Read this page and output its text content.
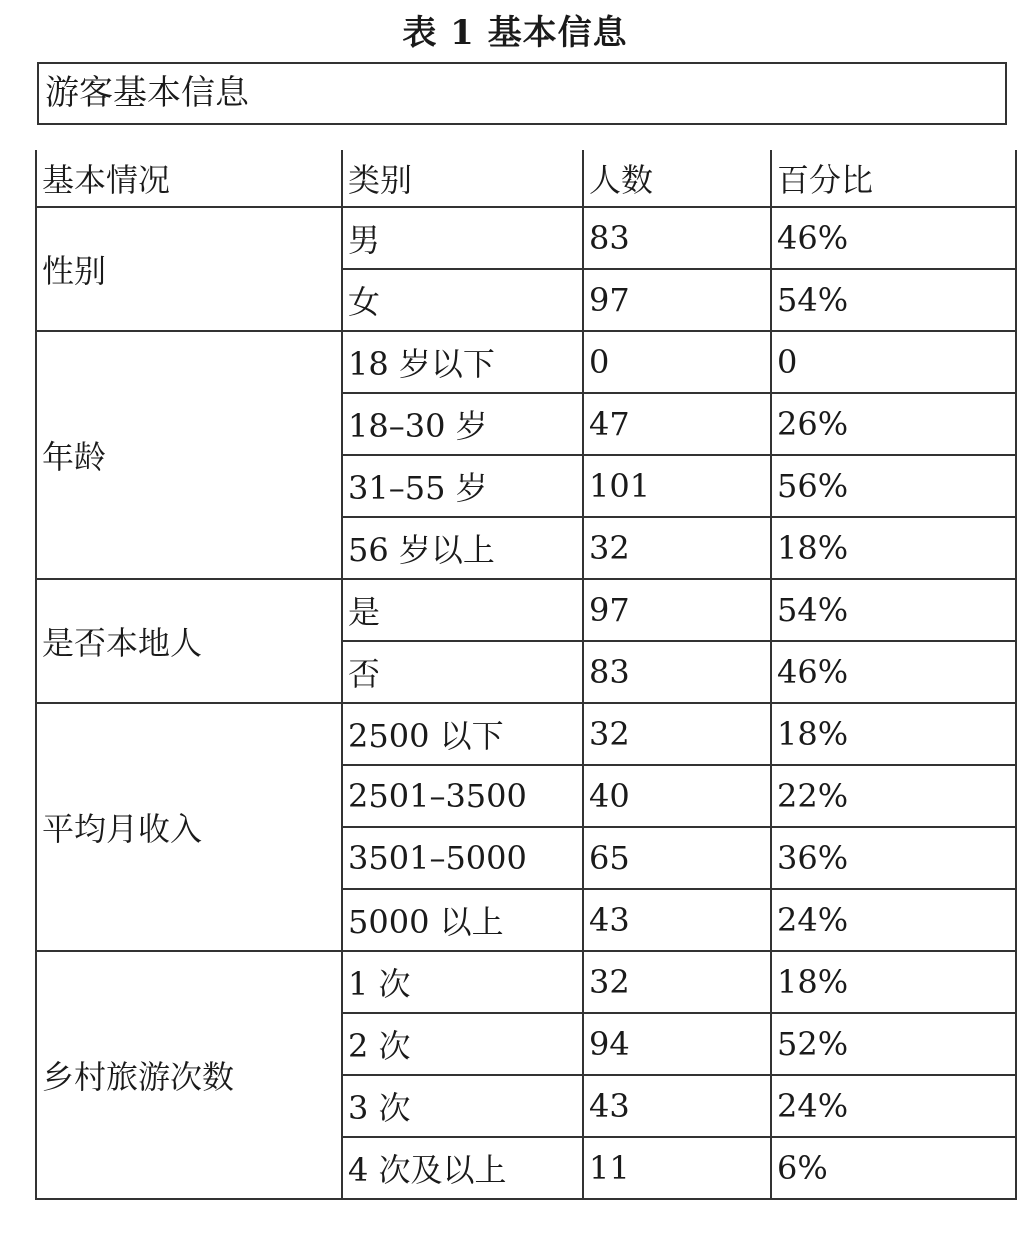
表 1 基本信息
游客基本信息
基本情况	类别	人数	百分比
性别	男	83	46%
	女	97	54%
年龄	18 岁以下	0	0
	18–30 岁	47	26%
	31–55 岁	101	56%
	56 岁以上	32	18%
是否本地人	是	97	54%
	否	83	46%
平均月收入	2500 以下	32	18%
	2501–3500	40	22%
	3501–5000	65	36%
	5000 以上	43	24%
乡村旅游次数	1 次	32	18%
	2 次	94	52%
	3 次	43	24%
	4 次及以上	11	6%
